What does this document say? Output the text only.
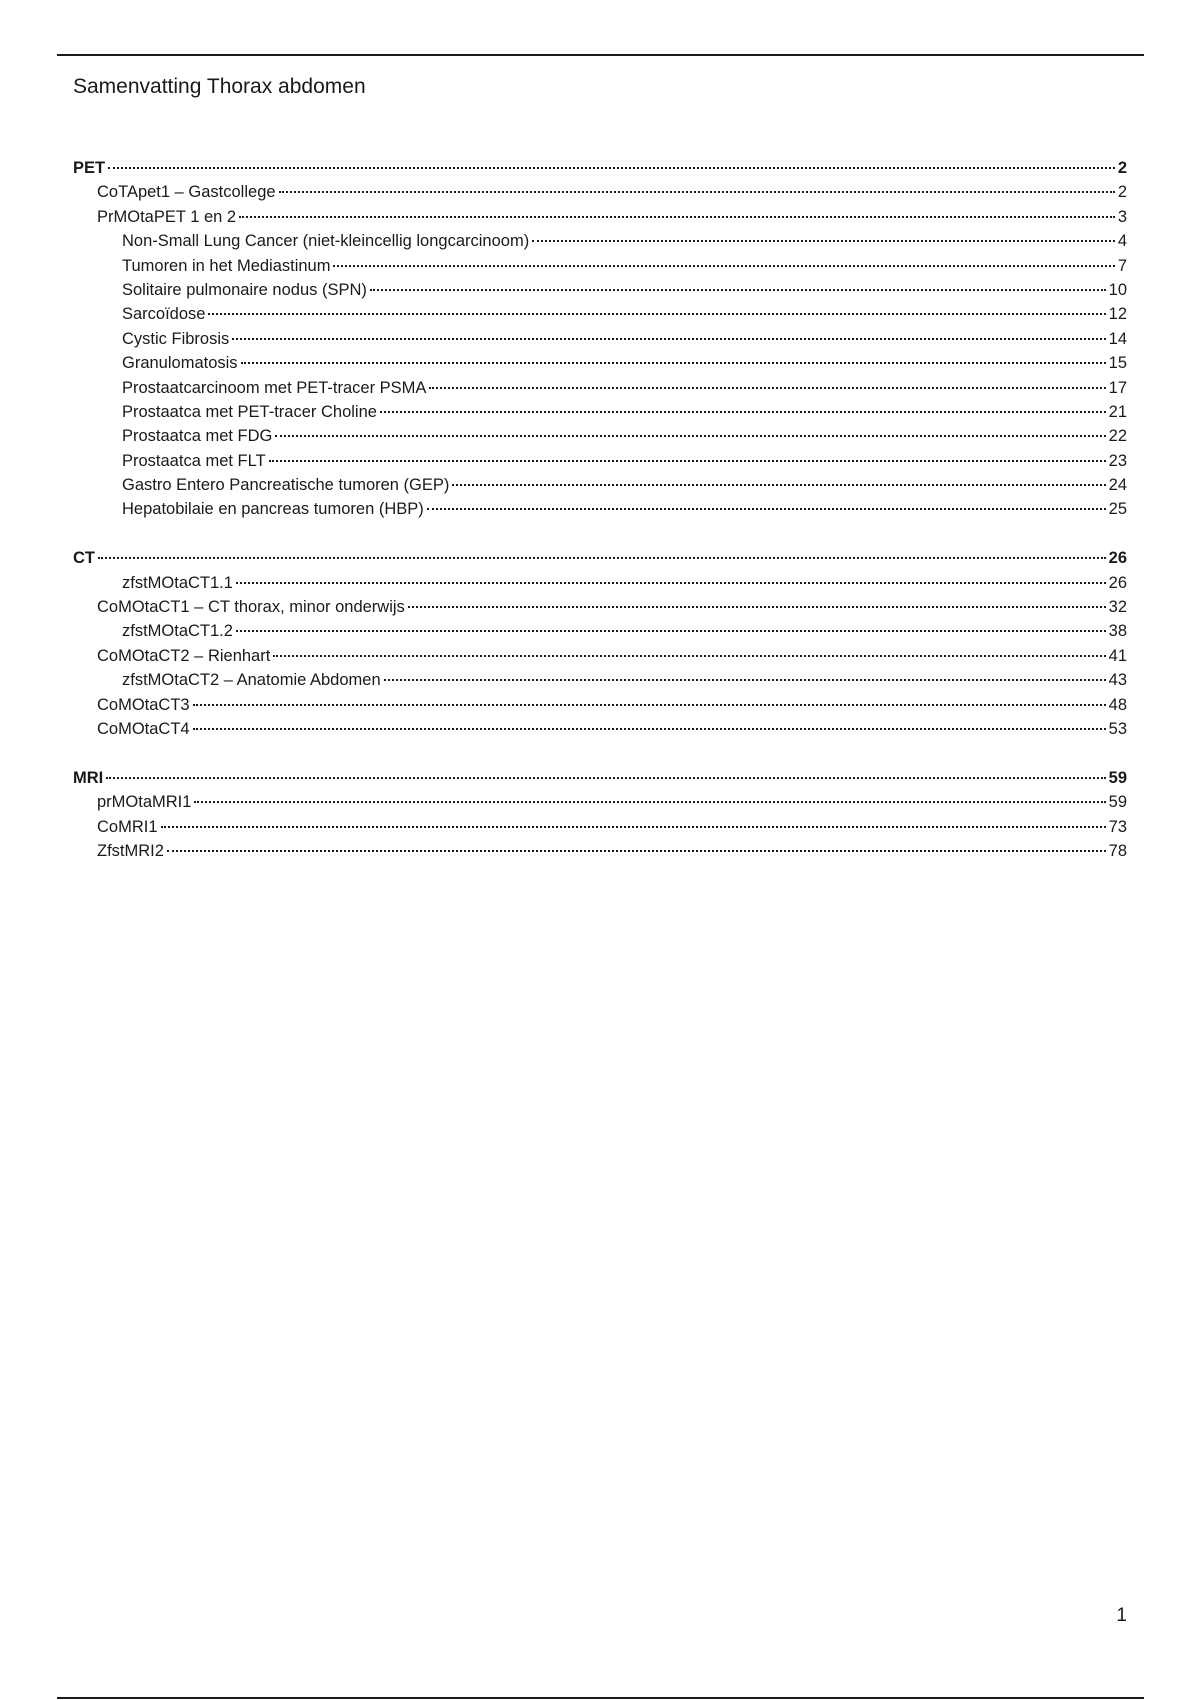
Samenvatting Thorax abdomen
PET	2
CoTApet1 – Gastcollege	2
PrMOtaPET 1 en 2	3
Non-Small Lung Cancer (niet-kleincellig longcarcinoom)	4
Tumoren in het Mediastinum	7
Solitaire pulmonaire nodus (SPN)	10
Sarcoïdose	12
Cystic Fibrosis	14
Granulomatosis	15
Prostaatcarcinoom met PET-tracer PSMA	17
Prostaatca met PET-tracer Choline	21
Prostaatca met FDG	22
Prostaatca met FLT	23
Gastro Entero Pancreatische tumoren (GEP)	24
Hepatobilaie en pancreas tumoren (HBP)	25
CT	26
zfstMOtaCT1.1	26
CoMOtaCT1 – CT thorax, minor onderwijs	32
zfstMOtaCT1.2	38
CoMOtaCT2 – Rienhart	41
zfstMOtaCT2 – Anatomie Abdomen	43
CoMOtaCT3	48
CoMOtaCT4	53
MRI	59
prMOtaMRI1	59
CoMRI1	73
ZfstMRI2	78
1
